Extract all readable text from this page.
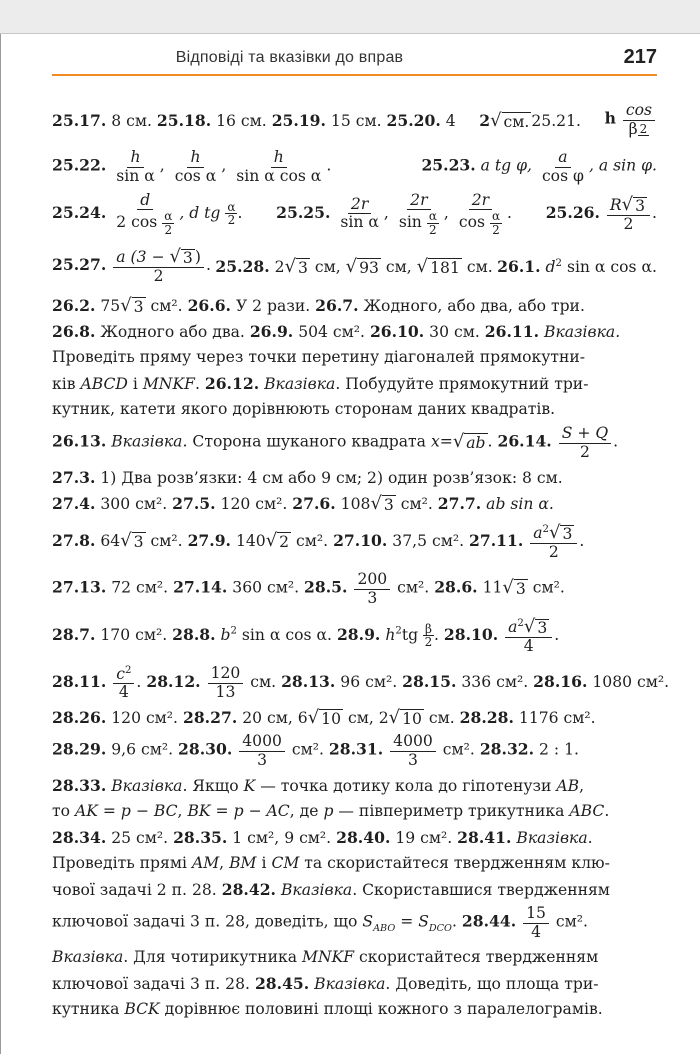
Відповіді та вказівки до вправ	217
25.17. 8 см. 25.18. 16 см. 25.19. 15 см. 25.20. 4 2 √ см. 25.21. h $\frac{\cos}{\beta 2}$
25.22. $\frac{h}{\text{sin α}}$ , $\frac{h}{\text{cos α}}$ , $\frac{h}{\text{sin α cos α}}$ .	25.23. a tg φ, $\frac{a}{\text{cos φ}}$ , a sin φ.
25.24. $\frac{d}{2 \cos \frac{\alpha}{2}}$ , d tg $\frac{\alpha}{2}$ . 25.25. $\frac{2r}{\text{sin α}}$ , $\frac{2r}{\sin \frac{\alpha}{2}}$ , $\frac{2r}{\cos \frac{\alpha}{2}}$ . 25.26. $\frac{R √ 3}{2}$ .
25.27. $\frac{a (3 - √ 3 )}{2}$ . 25.28. 2 √ 3 см, √ 93 см, √ 181 см. 26.1. $d^2$ sin α cos α.
26.2. 75 √ 3 см². 26.6. У 2 рази. 26.7. Жодного, або два, або три.
26.8. Жодного або два. 26.9. 504 см². 26.10. 30 см. 26.11. Вказівка.
Проведіть пряму через точки перетину діагоналей прямокутни-
ків ABCD і MNKF. 26.12. Вказівка. Побудуйте прямокутний три-
кутник, катети якого дорівнюють сторонам даних квадратів.
26.13. Вказівка. Сторона шуканого квадрата x= √ ab . 26.14. $\frac{S + Q}{2}$ .
27.3. 1) Два розв’язки: 4 см або 9 см; 2) один розв’язок: 8 см.
27.4. 300 см². 27.5. 120 см². 27.6. 108 √ 3 см². 27.7. ab sin α.
27.8. 64 √ 3 см². 27.9. 140 √ 2 см². 27.10. 37,5 см². 27.11. $\frac{a^2 √ 3}{2}$ .
27.13. 72 см². 27.14. 360 см². 28.5. $\frac{200}{3} см^2$. 28.6. 11 √ 3 см².
28.7. 170 см². 28.8. $b^2$ sin α cos α. 28.9. $h^2tg \frac{\beta}{2}$ . 28.10. $\frac{a^2 √ 3}{4}$ .
28.11. $\frac{c^2}{4}$ . 28.12. $\frac{120}{13}$ см. 28.13. 96 см². 28.15. 336 см². 28.16. 1080 см².
28.26. 120 см². 28.27. 20 см, 6 √ 10 см, 2 √ 10 см. 28.28. 1176 см².
28.29. 9,6 см². 28.30. $\frac{4000}{3} см^2$. 28.31. $\frac{4000}{3} см^2$. 28.32. 2 : 1.
28.33. Вказівка. Якщо K — точка дотику кола до гіпотенузи AB,
то AK = p − BC, BK = p − AC, де p — півпериметр трикутника ABC.
28.34. 25 см². 28.35. 1 см², 9 см². 28.40. 19 см². 28.41. Вказівка.
Проведіть прямі AM, BM і CM та скористайтеся твердженням клю-
чової задачі 2 п. 28. 28.42. Вказівка. Скориставшися твердженням
ключової задачі 3 п. 28, доведіть, що $S_{ABO} = S_{DCO}$. 28.44. $\frac{15}{4} см^2$.
Вказівка. Для чотирикутника MNKF скористайтеся твердженням
ключової задачі 3 п. 28. 28.45. Вказівка. Доведіть, що площа три-
кутника BCK дорівнює половині площі кожного з паралелограмів.
